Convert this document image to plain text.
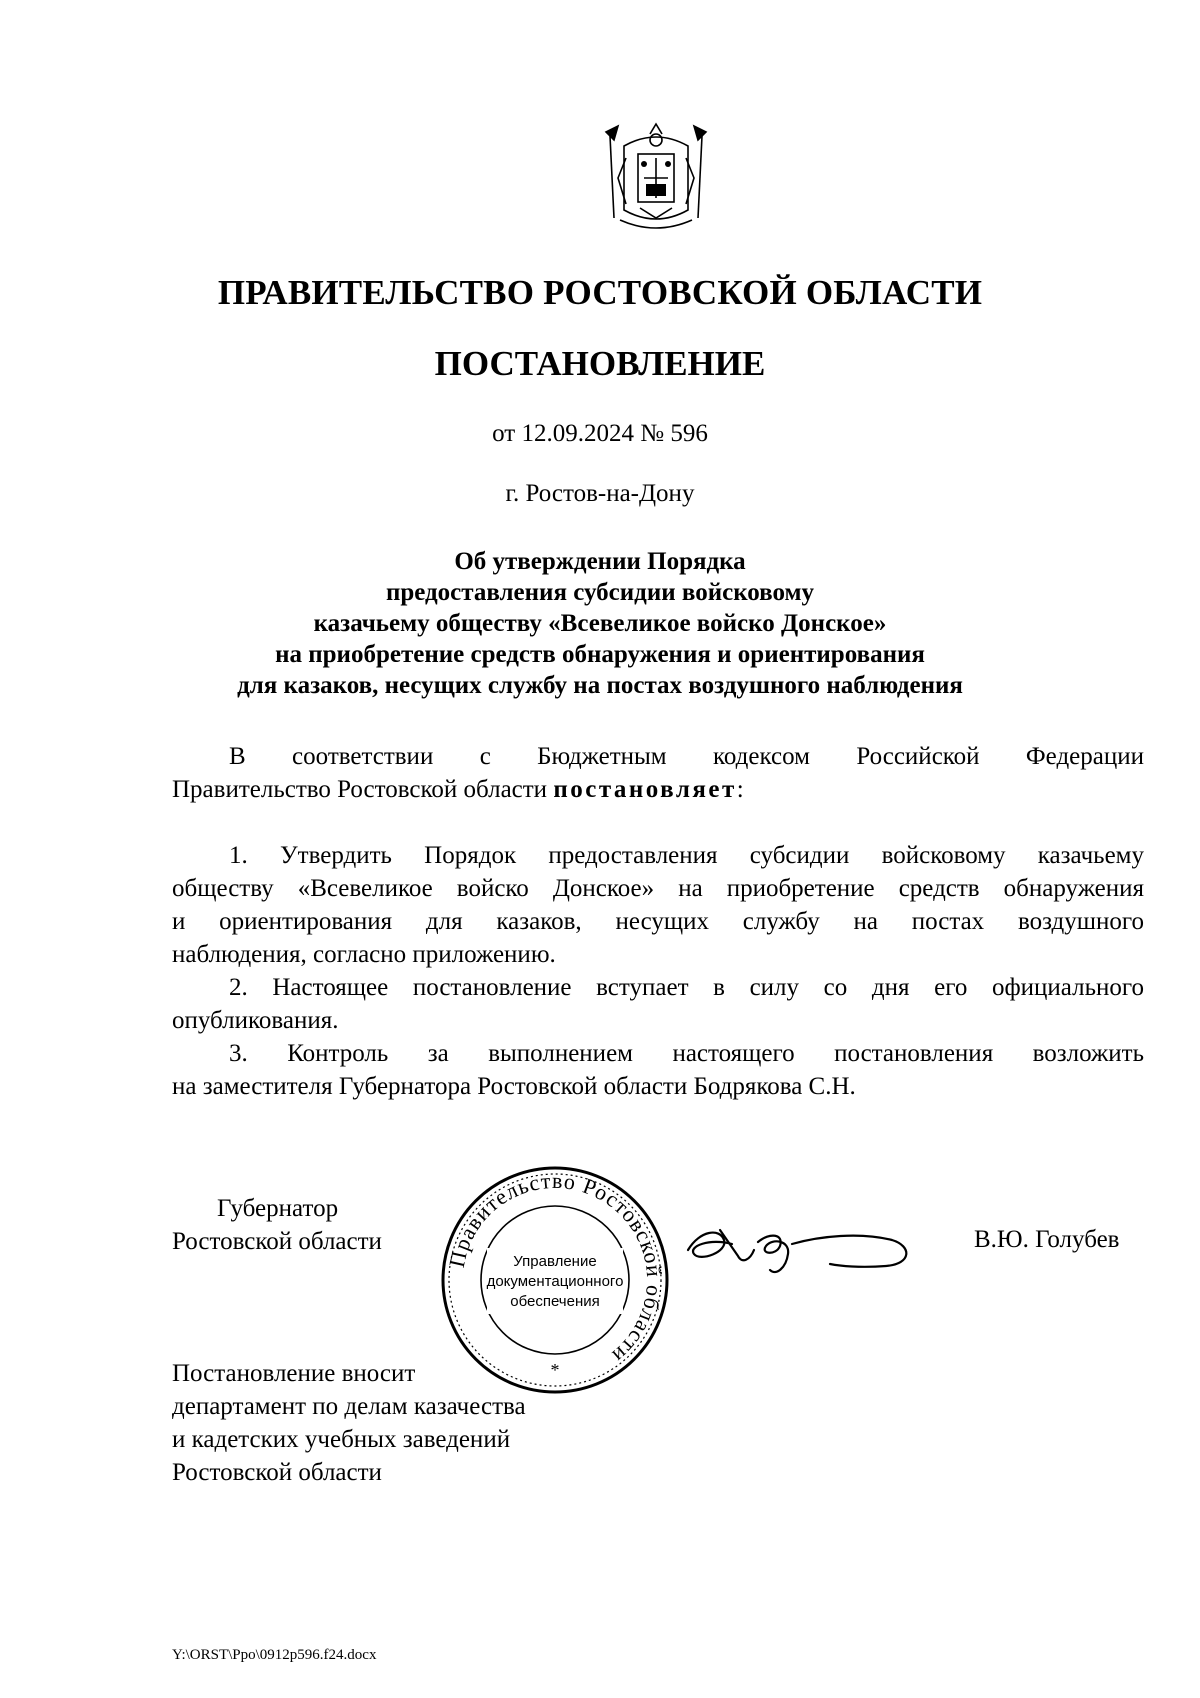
ПРАВИТЕЛЬСТВО РОСТОВСКОЙ ОБЛАСТИ
ПОСТАНОВЛЕНИЕ
от 12.09.2024 № 596
г. Ростов-на-Дону
Об утверждении Порядка
предоставления субсидии войсковому
казачьему обществу «Всевеликое войско Донское»
на приобретение средств обнаружения и ориентирования
для казаков, несущих службу на постах воздушного наблюдения
В соответствии с Бюджетным кодексом Российской Федерации
Правительство Ростовской области постановляет:
1. Утвердить Порядок предоставления субсидии войсковому казачьему
обществу «Всевеликое войско Донское» на приобретение средств обнаружения
и ориентирования для казаков, несущих службу на постах воздушного
наблюдения, согласно приложению.
2. Настоящее постановление вступает в силу со дня его официального
опубликования.
3. Контроль за выполнением настоящего постановления возложить
на заместителя Губернатора Ростовской области Бодрякова С.Н.
Губернатор
Ростовской области
Правительство Ростовской области
Управление
документационного
обеспечения
*
В.Ю. Голубев
Постановление вносит
департамент по делам казачества
и кадетских учебных заведений
Ростовской области
Y:\ORST\Ppo\0912p596.f24.docx
